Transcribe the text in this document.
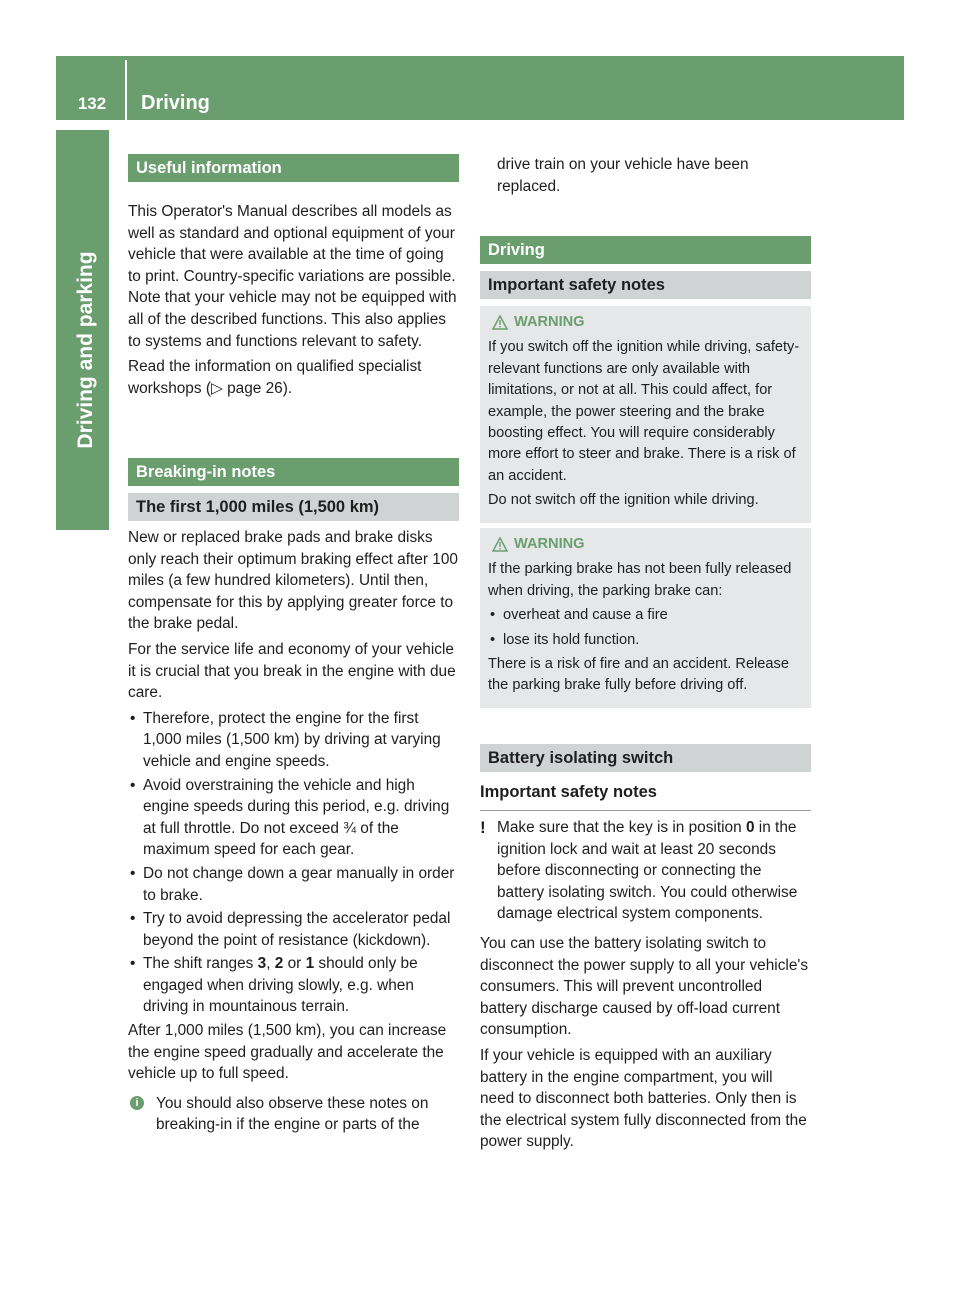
132	Driving
Driving and parking
Useful information

This Operator's Manual describes all models as well as standard and optional equipment of your vehicle that were available at the time of going to print. Country-specific variations are possible. Note that your vehicle may not be equipped with all of the described functions. This also applies to systems and functions relevant to safety.

Read the information on qualified specialist workshops (▷ page 26).

Breaking-in notes
The first 1,000 miles (1,500 km)

New or replaced brake pads and brake disks only reach their optimum braking effect after 100 miles (a few hundred kilometers). Until then, compensate for this by applying greater force to the brake pedal.

For the service life and economy of your vehicle it is crucial that you break in the engine with due care.

• Therefore, protect the engine for the first 1,000 miles (1,500 km) by driving at varying vehicle and engine speeds.
• Avoid overstraining the vehicle and high engine speeds during this period, e.g. driving at full throttle. Do not exceed ¾ of the maximum speed for each gear.
• Do not change down a gear manually in order to brake.
• Try to avoid depressing the accelerator pedal beyond the point of resistance (kickdown).
• The shift ranges 3, 2 or 1 should only be engaged when driving slowly, e.g. when driving in mountainous terrain.

After 1,000 miles (1,500 km), you can increase the engine speed gradually and accelerate the vehicle up to full speed.

i	You should also observe these notes on breaking-in if the engine or parts of the
drive train on your vehicle have been replaced.
Driving
Important safety notes
WARNING

If you switch off the ignition while driving, safety-relevant functions are only available with limitations, or not at all. This could affect, for example, the power steering and the brake boosting effect. You will require considerably more effort to steer and brake. There is a risk of an accident.

Do not switch off the ignition while driving.

WARNING

If the parking brake has not been fully released when driving, the parking brake can:

• overheat and cause a fire
• lose its hold function.

There is a risk of fire and an accident. Release the parking brake fully before driving off.

Battery isolating switch
Important safety notes
! Make sure that the key is in position 0 in the ignition lock and wait at least 20 seconds before disconnecting or connecting the battery isolating switch. You could otherwise damage electrical system components.

You can use the battery isolating switch to disconnect the power supply to all your vehicle's consumers. This will prevent uncontrolled battery discharge caused by off-load current consumption.

If your vehicle is equipped with an auxiliary battery in the engine compartment, you will need to disconnect both batteries. Only then is the electrical system fully disconnected from the power supply.
